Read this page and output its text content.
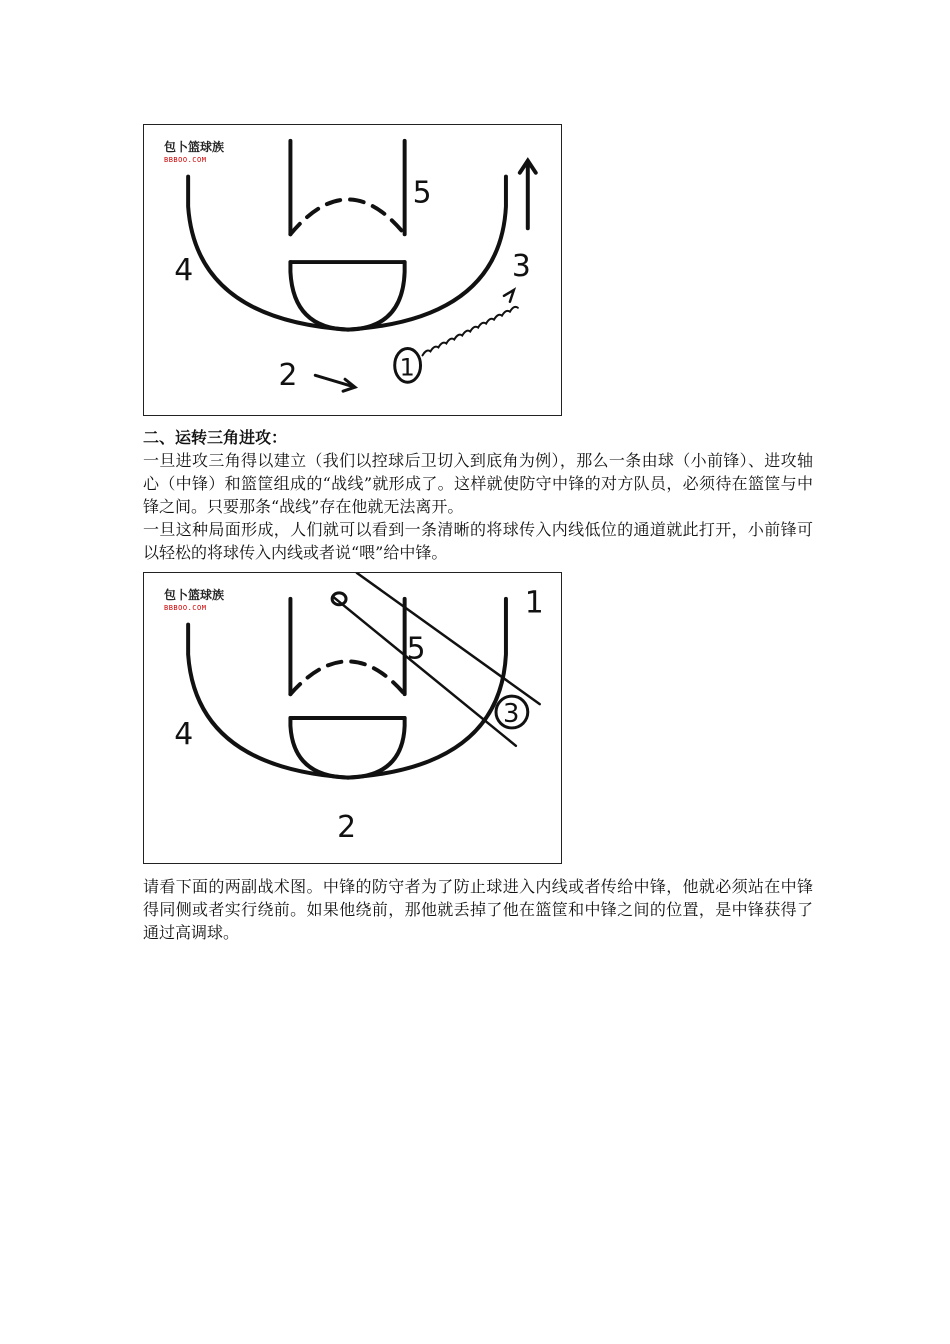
5
4	3
2	1
包卜篮球族
BBBOO.COM
二、运转三角进攻：

一旦进攻三角得以建立（我们以控球后卫切入到底角为例），那么一条由球（小前锋）、进攻轴心（中锋）和篮筐组成的“战线”就形成了。这样就使防守中锋的对方队员，必须待在篮筐与中锋之间。只要那条“战线”存在他就无法离开。

一旦这种局面形成，人们就可以看到一条清晰的将球传入内线低位的通道就此打开，小前锋可以轻松的将球传入内线或者说“喂”给中锋。

1
5
3
4
2
包卜篮球族
BBBOO.COM

请看下面的两副战术图。中锋的防守者为了防止球进入内线或者传给中锋，他就必须站在中锋得同侧或者实行绕前。如果他绕前，那他就丢掉了他在篮筐和中锋之间的位置，是中锋获得了通过高调球。
